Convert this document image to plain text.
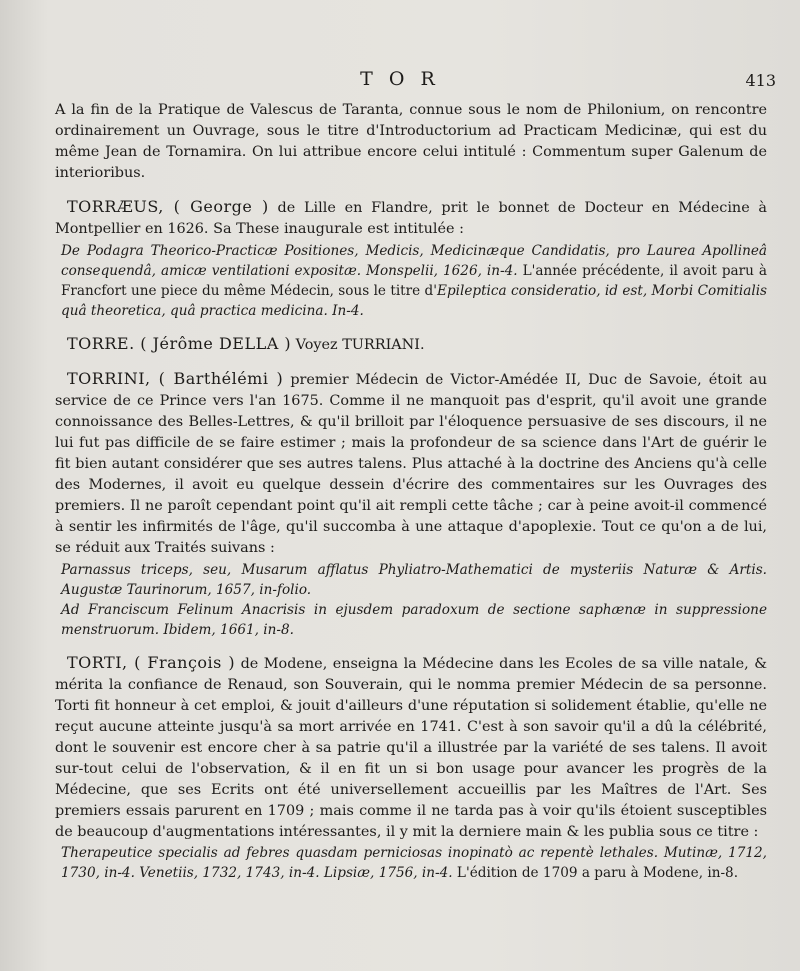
T O R	413

A la fin de la Pratique de Valescus de Taranta, connue sous le nom de Philonium, on rencontre ordinairement un Ouvrage, sous le titre d'Introductorium ad Practicam Medicinæ, qui est du même Jean de Tornamira. On lui attribue encore celui intitulé : Commentum super Galenum de interioribus.

TORRÆUS, ( George ) de Lille en Flandre, prit le bonnet de Docteur en Médecine à Montpellier en 1626. Sa These inaugurale est intitulée :

De Podagra Theorico-Practicæ Positiones, Medicis, Medicinæque Candidatis, pro Laurea Apollineâ consequendâ, amicæ ventilationi expositæ. Monspelii, 1626, in-4. L'année précédente, il avoit paru à Francfort une piece du même Médecin, sous le titre d'Epileptica consideratio, id est, Morbi Comitialis quâ theoretica, quâ practica medicina. In-4.

TORRE. ( Jérôme DELLA ) Voyez TURRIANI.

TORRINI, ( Barthélémi ) premier Médecin de Victor-Amédée II, Duc de Savoie, étoit au service de ce Prince vers l'an 1675. Comme il ne manquoit pas d'esprit, qu'il avoit une grande connoissance des Belles-Lettres, & qu'il brilloit par l'éloquence persuasive de ses discours, il ne lui fut pas difficile de se faire estimer ; mais la profondeur de sa science dans l'Art de guérir le fit bien autant considérer que ses autres talens. Plus attaché à la doctrine des Anciens qu'à celle des Modernes, il avoit eu quelque dessein d'écrire des commentaires sur les Ouvrages des premiers. Il ne paroît cependant point qu'il ait rempli cette tâche ; car à peine avoit-il commencé à sentir les infirmités de l'âge, qu'il succomba à une attaque d'apoplexie. Tout ce qu'on a de lui, se réduit aux Traités suivans :

Parnassus triceps, seu, Musarum afflatus Phyliatro-Mathematici de mysteriis Naturæ & Artis. Augustæ Taurinorum, 1657, in-folio.

Ad Franciscum Felinum Anacrisis in ejusdem paradoxum de sectione saphænæ in suppressione menstruorum. Ibidem, 1661, in-8.

TORTI, ( François ) de Modene, enseigna la Médecine dans les Ecoles de sa ville natale, & mérita la confiance de Renaud, son Souverain, qui le nomma premier Médecin de sa personne. Torti fit honneur à cet emploi, & jouit d'ailleurs d'une réputation si solidement établie, qu'elle ne reçut aucune atteinte jusqu'à sa mort arrivée en 1741. C'est à son savoir qu'il a dû la célébrité, dont le souvenir est encore cher à sa patrie qu'il a illustrée par la variété de ses talens. Il avoit sur-tout celui de l'observation, & il en fit un si bon usage pour avancer les progrès de la Médecine, que ses Ecrits ont été universellement accueillis par les Maîtres de l'Art. Ses premiers essais parurent en 1709 ; mais comme il ne tarda pas à voir qu'ils étoient susceptibles de beaucoup d'augmentations intéressantes, il y mit la derniere main & les publia sous ce titre :

Therapeutice specialis ad febres quasdam perniciosas inopinatò ac repentè lethales. Mutinæ, 1712, 1730, in-4. Venetiis, 1732, 1743, in-4. Lipsiæ, 1756, in-4. L'édition de 1709 a paru à Modene, in-8.
